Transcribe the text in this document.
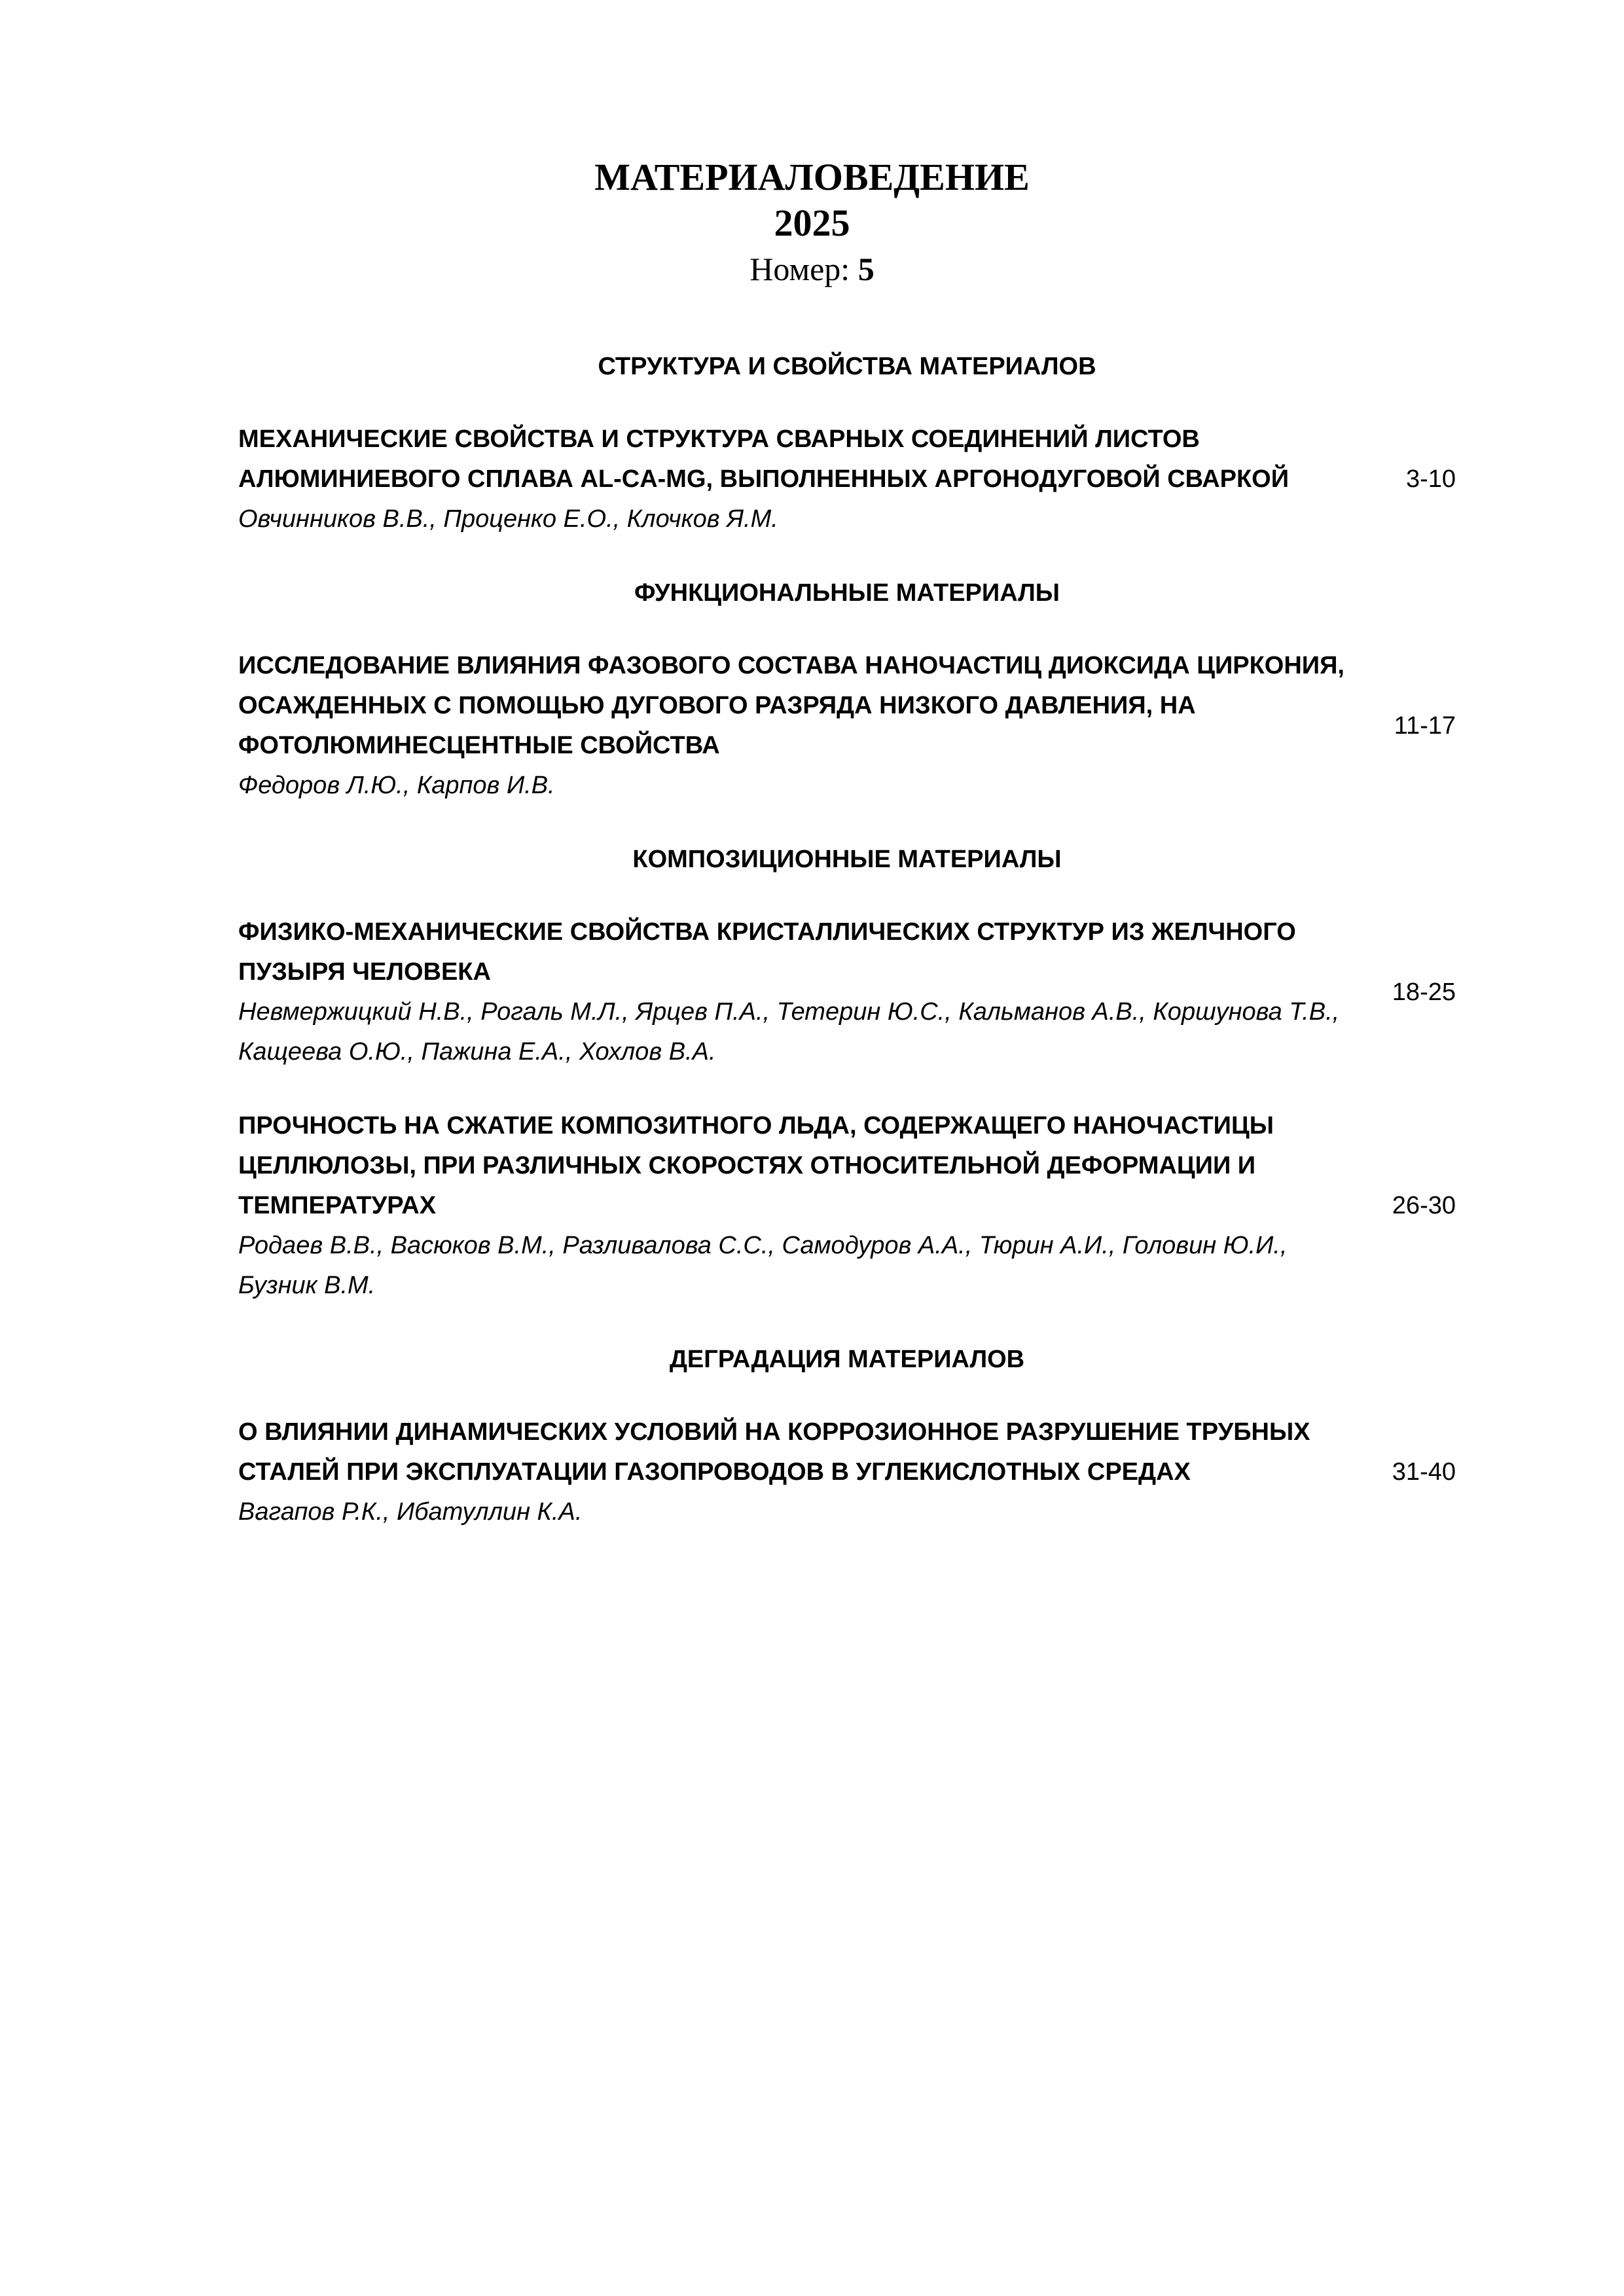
МАТЕРИАЛОВЕДЕНИЕ
2025
Номер: 5
СТРУКТУРА И СВОЙСТВА МАТЕРИАЛОВ
МЕХАНИЧЕСКИЕ СВОЙСТВА И СТРУКТУРА СВАРНЫХ СОЕДИНЕНИЙ ЛИСТОВ АЛЮМИНИЕВОГО СПЛАВА AL-CA-MG, ВЫПОЛНЕННЫХ АРГОНОДУГОВОЙ СВАРКОЙ
Овчинников В.В., Проценко Е.О., Клочков Я.М.
3-10
ФУНКЦИОНАЛЬНЫЕ МАТЕРИАЛЫ
ИССЛЕДОВАНИЕ ВЛИЯНИЯ ФАЗОВОГО СОСТАВА НАНОЧАСТИЦ ДИОКСИДА ЦИРКОНИЯ, ОСАЖДЕННЫХ С ПОМОЩЬЮ ДУГОВОГО РАЗРЯДА НИЗКОГО ДАВЛЕНИЯ, НА ФОТОЛЮМИНЕСЦЕНТНЫЕ СВОЙСТВА
Федоров Л.Ю., Карпов И.В.
11-17
КОМПОЗИЦИОННЫЕ МАТЕРИАЛЫ
ФИЗИКО-МЕХАНИЧЕСКИЕ СВОЙСТВА КРИСТАЛЛИЧЕСКИХ СТРУКТУР ИЗ ЖЕЛЧНОГО ПУЗЫРЯ ЧЕЛОВЕКА
Невмержицкий Н.В., Рогаль М.Л., Ярцев П.А., Тетерин Ю.С., Кальманов А.В., Коршунова Т.В., Кащеева О.Ю., Пажина Е.А., Хохлов В.А.
18-25
ПРОЧНОСТЬ НА СЖАТИЕ КОМПОЗИТНОГО ЛЬДА, СОДЕРЖАЩЕГО НАНОЧАСТИЦЫ ЦЕЛЛЮЛОЗЫ, ПРИ РАЗЛИЧНЫХ СКОРОСТЯХ ОТНОСИТЕЛЬНОЙ ДЕФОРМАЦИИ И ТЕМПЕРАТУРАХ
Родаев В.В., Васюков В.М., Разливалова С.С., Самодуров А.А., Тюрин А.И., Головин Ю.И., Бузник В.М.
26-30
ДЕГРАДАЦИЯ МАТЕРИАЛОВ
О ВЛИЯНИИ ДИНАМИЧЕСКИХ УСЛОВИЙ НА КОРРОЗИОННОЕ РАЗРУШЕНИЕ ТРУБНЫХ СТАЛЕЙ ПРИ ЭКСПЛУАТАЦИИ ГАЗОПРОВОДОВ В УГЛЕКИСЛОТНЫХ СРЕДАХ
Вагапов Р.К., Ибатуллин К.А.
31-40
